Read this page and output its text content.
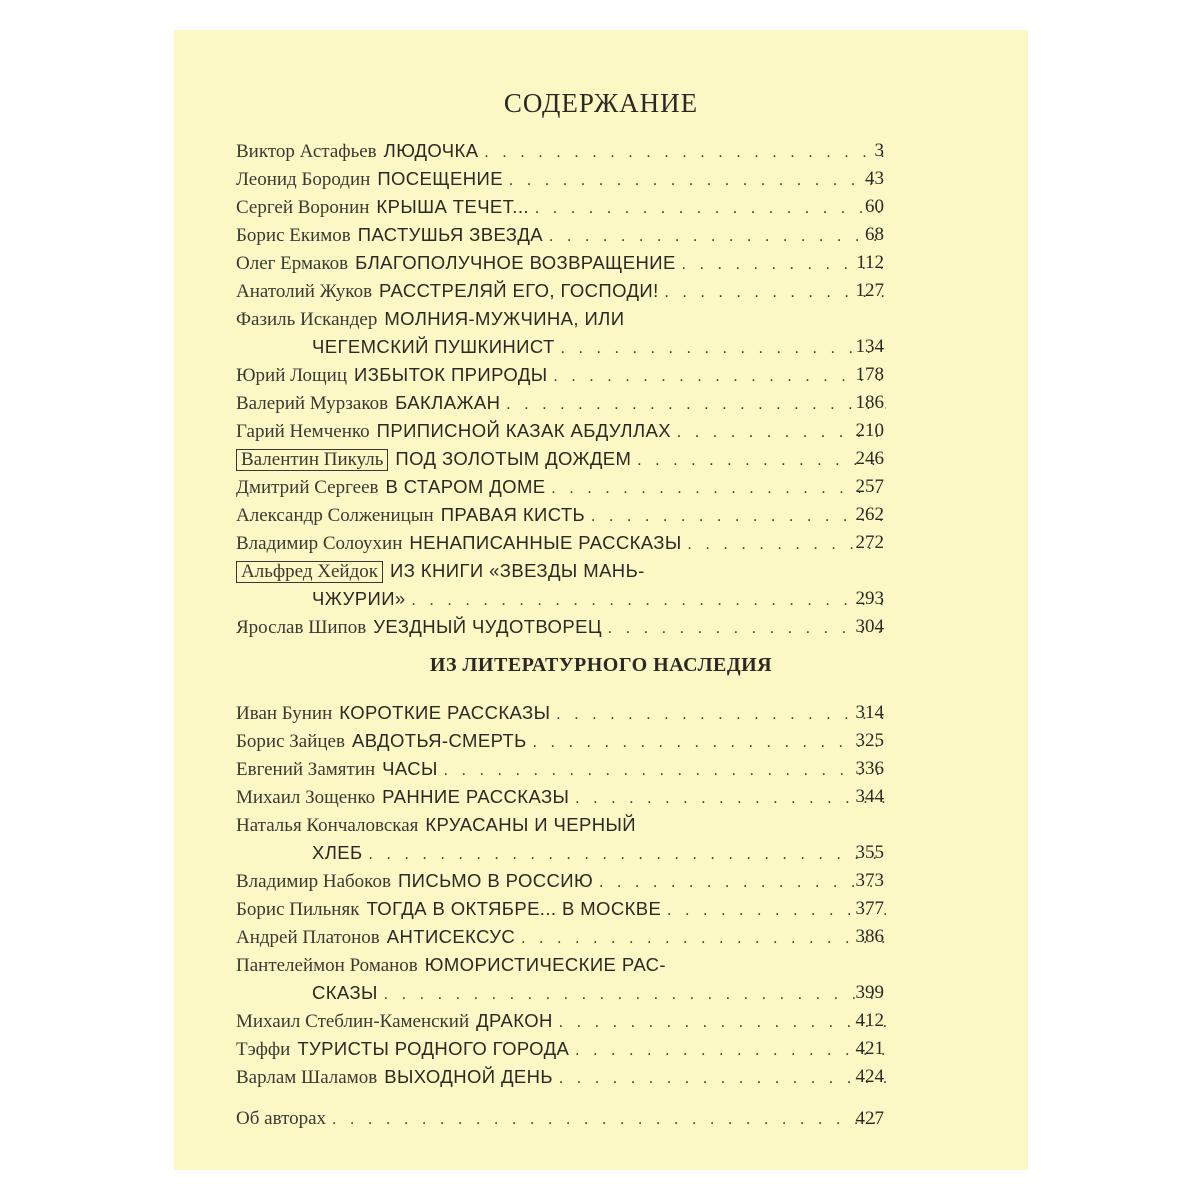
СОДЕРЖАНИЕ
Виктор Астафьев ЛЮДОЧКА . . .	3
Леонид Бородин ПОСЕЩЕНИЕ . . .	43
Сергей Воронин КРЫША ТЕЧЕТ... . . .	60
Борис Екимов ПАСТУШЬЯ ЗВЕЗДА . . .	68
Олег Ермаков БЛАГОПОЛУЧНОЕ ВОЗВРАЩЕНИЕ . . .	112
Анатолий Жуков РАССТРЕЛЯЙ ЕГО, ГОСПОДИ! . . .	127
Фазиль Искандер МОЛНИЯ-МУЖЧИНА, ИЛИ
ЧЕГЕМСКИЙ ПУШКИНИСТ . . .	134
Юрий Лощиц ИЗБЫТОК ПРИРОДЫ . . .	178
Валерий Мурзаков БАКЛАЖАН . . .	186
Гарий Немченко ПРИПИСНОЙ КАЗАК АБДУЛЛАХ . . .	210
Валентин Пикуль ПОД ЗОЛОТЫМ ДОЖДЕМ . . .	246
Дмитрий Сергеев В СТАРОМ ДОМЕ . . .	257
Александр Солженицын ПРАВАЯ КИСТЬ . . .	262
Владимир Солоухин НЕНАПИСАННЫЕ РАССКАЗЫ . . .	272
Альфред Хейдок ИЗ КНИГИ «ЗВЕЗДЫ МАНЬ-
ЧЖУРИИ» . . .	293
Ярослав Шипов УЕЗДНЫЙ ЧУДОТВОРЕЦ . . .	304
ИЗ ЛИТЕРАТУРНОГО НАСЛЕДИЯ
Иван Бунин КОРОТКИЕ РАССКАЗЫ . . .	314
Борис Зайцев АВДОТЬЯ-СМЕРТЬ . . .	325
Евгений Замятин ЧАСЫ . . .	336
Михаил Зощенко РАННИЕ РАССКАЗЫ . . .	344
Наталья Кончаловская КРУАСАНЫ И ЧЕРНЫЙ
ХЛЕБ . . .	355
Владимир Набоков ПИСЬМО В РОССИЮ . . .	373
Борис Пильняк ТОГДА В ОКТЯБРЕ... В МОСКВЕ . . .	377
Андрей Платонов АНТИСЕКСУС . . .	386
Пантелеймон Романов ЮМОРИСТИЧЕСКИЕ РАС-
СКАЗЫ . . .	399
Михаил Стеблин-Каменский ДРАКОН . . .	412
Тэффи ТУРИСТЫ РОДНОГО ГОРОДА . . .	421
Варлам Шаламов ВЫХОДНОЙ ДЕНЬ . . .	424
Об авторах . . .	427
